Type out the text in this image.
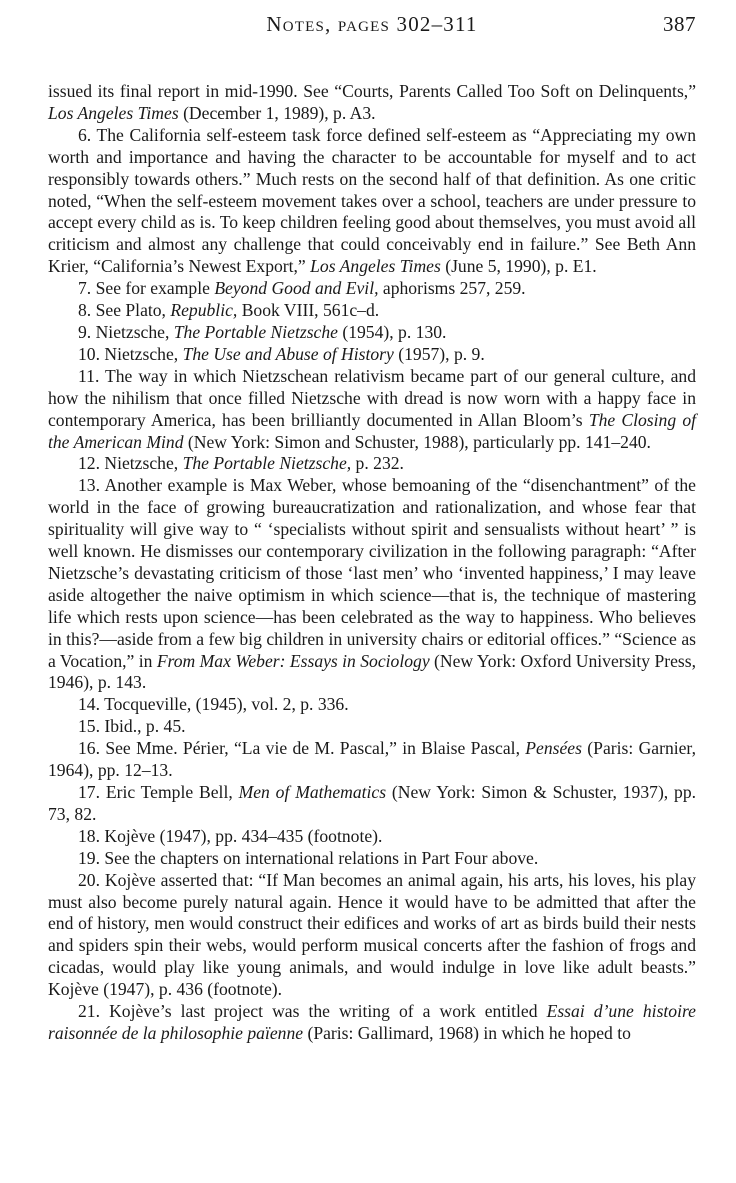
Notes, pages 302–311	387

issued its final report in mid-1990. See “Courts, Parents Called Too Soft on Delinquents,” Los Angeles Times (December 1, 1989), p. A3.

6. The California self-esteem task force defined self-esteem as “Appreciating my own worth and importance and having the character to be accountable for myself and to act responsibly towards others.” Much rests on the second half of that definition. As one critic noted, “When the self-esteem movement takes over a school, teachers are under pressure to accept every child as is. To keep children feeling good about themselves, you must avoid all criticism and almost any challenge that could conceivably end in failure.” See Beth Ann Krier, “California’s Newest Export,” Los Angeles Times (June 5, 1990), p. E1.

7. See for example Beyond Good and Evil, aphorisms 257, 259.

8. See Plato, Republic, Book VIII, 561c–d.

9. Nietzsche, The Portable Nietzsche (1954), p. 130.

10. Nietzsche, The Use and Abuse of History (1957), p. 9.

11. The way in which Nietzschean relativism became part of our general culture, and how the nihilism that once filled Nietzsche with dread is now worn with a happy face in contemporary America, has been brilliantly documented in Allan Bloom’s The Closing of the American Mind (New York: Simon and Schuster, 1988), particularly pp. 141–240.

12. Nietzsche, The Portable Nietzsche, p. 232.

13. Another example is Max Weber, whose bemoaning of the “disenchantment” of the world in the face of growing bureaucratization and rationalization, and whose fear that spirituality will give way to “ ‘specialists without spirit and sensualists without heart’ ” is well known. He dismisses our contemporary civilization in the following paragraph: “After Nietzsche’s devastating criticism of those ‘last men’ who ‘invented happiness,’ I may leave aside altogether the naive optimism in which science—that is, the technique of mastering life which rests upon science—has been celebrated as the way to happiness. Who believes in this?—aside from a few big children in university chairs or editorial offices.” “Science as a Vocation,” in From Max Weber: Essays in Sociology (New York: Oxford University Press, 1946), p. 143.

14. Tocqueville, (1945), vol. 2, p. 336.

15. Ibid., p. 45.

16. See Mme. Périer, “La vie de M. Pascal,” in Blaise Pascal, Pensées (Paris: Garnier, 1964), pp. 12–13.

17. Eric Temple Bell, Men of Mathematics (New York: Simon & Schuster, 1937), pp. 73, 82.

18. Kojève (1947), pp. 434–435 (footnote).

19. See the chapters on international relations in Part Four above.

20. Kojève asserted that: “If Man becomes an animal again, his arts, his loves, his play must also become purely natural again. Hence it would have to be admitted that after the end of history, men would construct their edifices and works of art as birds build their nests and spiders spin their webs, would perform musical concerts after the fashion of frogs and cicadas, would play like young animals, and would indulge in love like adult beasts.” Kojève (1947), p. 436 (footnote).

21. Kojève’s last project was the writing of a work entitled Essai d’une histoire raisonnée de la philosophie païenne (Paris: Gallimard, 1968) in which he hoped to
